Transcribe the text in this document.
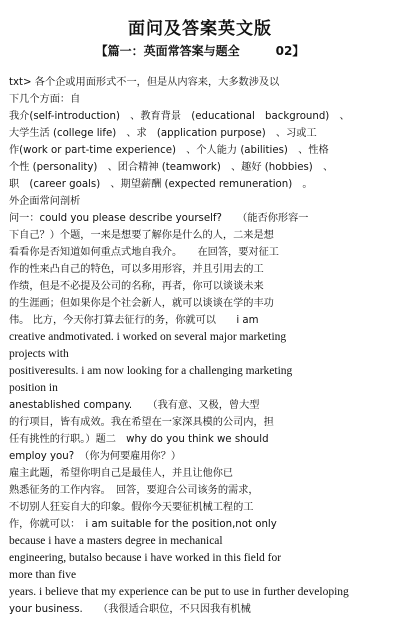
面问及答案英文版
【篇一：英面常答案与题全　　　02】
txt> 各个企或用面形式不一，但是从内容来，大多数涉及以
下几个方面：自
我介(self-introduction)　、教育背景　(educational　background)　、
大学生活 (college life)　、求　(application purpose)　、习或工
作(work or part-time experience)　、个人能力 (abilities)　、性格
个性 (personality)　、团合精神 (teamwork)　、趣好 (hobbies)　、
职　(career goals)　、期望薪酬 (expected remuneration)　。
外企面常问剖析
问一：could you please describe yourself?　　（能否你形容一
下自己？）个题，一来是想要了解你是什么的人，二来是想
看看你是否知道如何重点式地自我介。　　在回答，要对征工
作的性来凸自己的特色，可以多用形容，并且引用去的工
作绩，但是不必提及公司的名称，再者，你可以谈谈未来
的生涯画；但如果你是个社会新人，就可以谈谈在学的丰功
伟。 比方，今天你打算去征行的务，你就可以　　i am
creative andmotivated. i worked on several major marketing
projects with
positiveresults. i am now looking for a challenging marketing
position in
anestablished company.　　（我有意、又极，曾大型
的行项目，皆有成效。我在希望在一家深具模的公司内，担
任有挑性的行职。）题二　why do you think we should
employ you?　（你为何要雇用你？）
雇主此题，希望你明自己是最佳人，并且让他你已
熟悉征务的工作内容。　回答，要迎合公司该务的需求，
不切别人狂妄自大的印象。假你今天要征机械工程的工
作，你就可以：　i am suitable for the position,not only
because i have a masters degree in mechanical
engineering, butalso because i have worked in this field for
more than five
years. i believe that my experience can be put to use in further developing
your business.　　（我很适合职位，不只因我有机械
